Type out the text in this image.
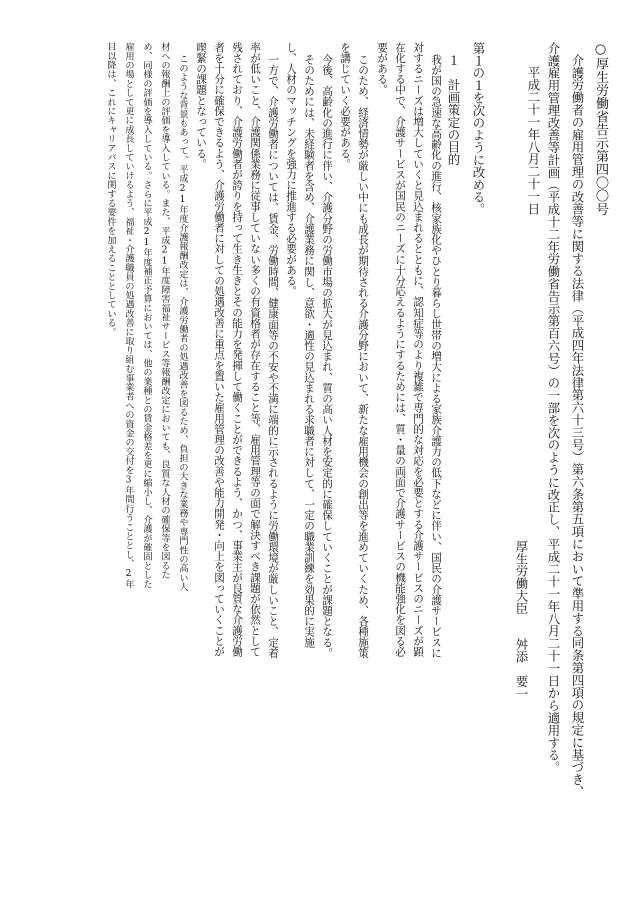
○厚生労働省告示第四〇〇号
介護労働者の雇用管理の改善等に関する法律（平成四年法律第六十三号）第六条第五項において準用する同条第四項の規定に基づき、
介護雇用管理改善等計画（平成十二年労働省告示第百六号）の一部を次のように改正し、平成二十一年八月二十一日から適用する。
平成二十一年八月二十一日
厚生労働大臣
舛添　要一
第１の１を次のように改める。
１　計画策定の目的
我が国の急速な高齢化の進行、核家族化やひとり暮らし世帯の増大による家族介護力の低下などに伴い、国民の介護サービスに
対するニーズは増大していくと見込まれるとともに、認知症等のより複雑で専門的な対応を必要とする介護サービスのニーズが顕
在化する中で、介護サービスが国民のニーズに十分応えるようにするためには、質・量の両面で介護サービスの機能強化を図る必
要がある。
このため、経済情勢が厳しい中にも成長が期待される介護分野において、新たな雇用機会の創出等を進めていくため、各種施策
を講じていく必要がある。
今後、高齢化の進行に伴い、介護分野の労働市場の拡大が見込まれ、質の高い人材を安定的に確保していくことが課題となる。
そのためには、未経験者を含め、介護業務に関し、意欲・適性の見込まれる求職者に対して、一定の職業訓練を効果的に実施
し、人材のマッチングを強力に推進する必要がある。
一方で、介護労働者については、賃金、労働時間、健康面等の不安や不満に端的に示されるように労働環境が厳しいこと、定着
率が低いこと、介護関係業務に従事していない多くの有資格者が存在すること等、雇用管理等の面で解決すべき課題が依然として
残されており、介護労働者が誇りを持って生き生きとその能力を発揮して働くことができるよう、かつ、事業主が良質な介護労働
者を十分に確保できるよう、介護労働者に対しての処遇改善に重点を置いた雇用管理の改善や能力開発・向上を図っていくことが
喫緊の課題となっている。
このような背景もあって、平成21年度介護報酬改定は、介護労働者の処遇改善を図るため、負担の大きな業務や専門性の高い人
材への報酬上の評価を導入している。また、平成21年度障害福祉サービス等報酬改定においても、良質な人材の確保等を図るた
め、同様の評価を導入している。さらに平成21年度補正予算においては、他の業種との賃金格差を更に縮小し、介護が確固とした
雇用の場として更に成長していけるよう、福祉・介護職員の処遇改善に取り組む事業者への資金の交付を3年間行うこととし、2年
目以降は、これにキャリアパスに関する要件を加えることとしている。
